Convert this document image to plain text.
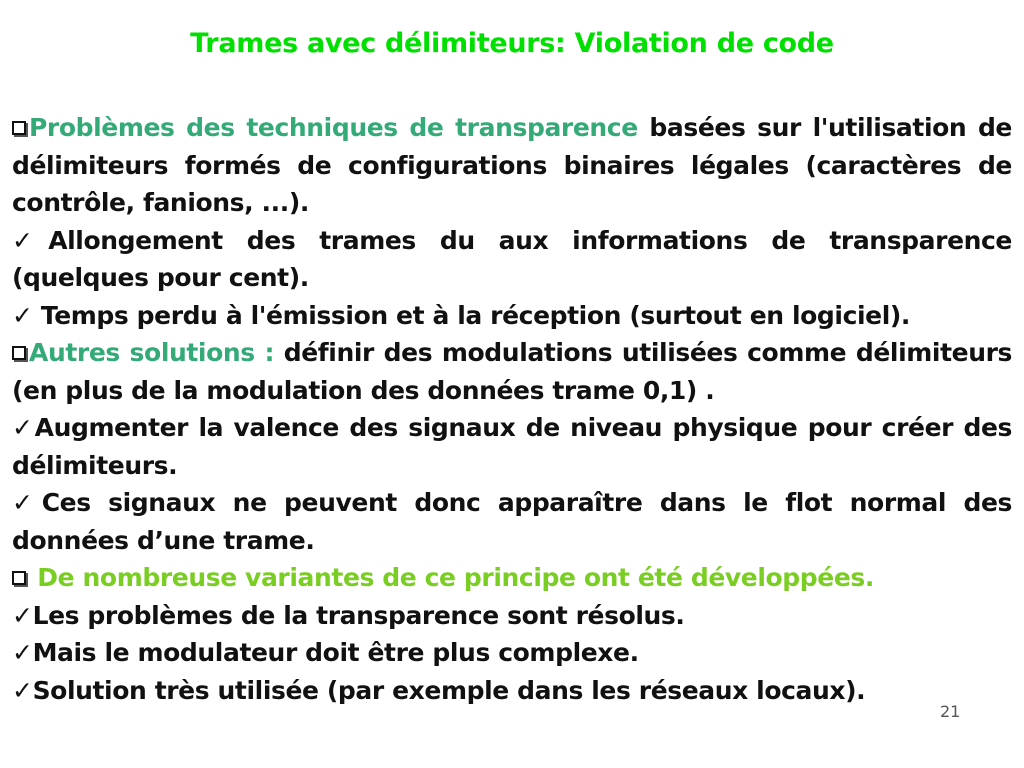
Trames avec délimiteurs: Violation de code

Problèmes des techniques de transparence basées sur l'utilisation de délimiteurs formés de configurations binaires légales (caractères de contrôle, fanions, ...).

✓Allongement des trames du aux informations de transparence (quelques pour cent).

✓ Temps perdu à l'émission et à la réception (surtout en logiciel).

Autres solutions : définir des modulations utilisées comme délimiteurs (en plus de la modulation des données trame 0,1) .

✓Augmenter la valence des signaux de niveau physique pour créer des délimiteurs.

✓Ces signaux ne peuvent donc apparaître dans le flot normal des données d’une trame.

De nombreuse variantes de ce principe ont été développées.

✓Les problèmes de la transparence sont résolus.

✓Mais le modulateur doit être plus complexe.

✓Solution très utilisée (par exemple dans les réseaux locaux).

21
